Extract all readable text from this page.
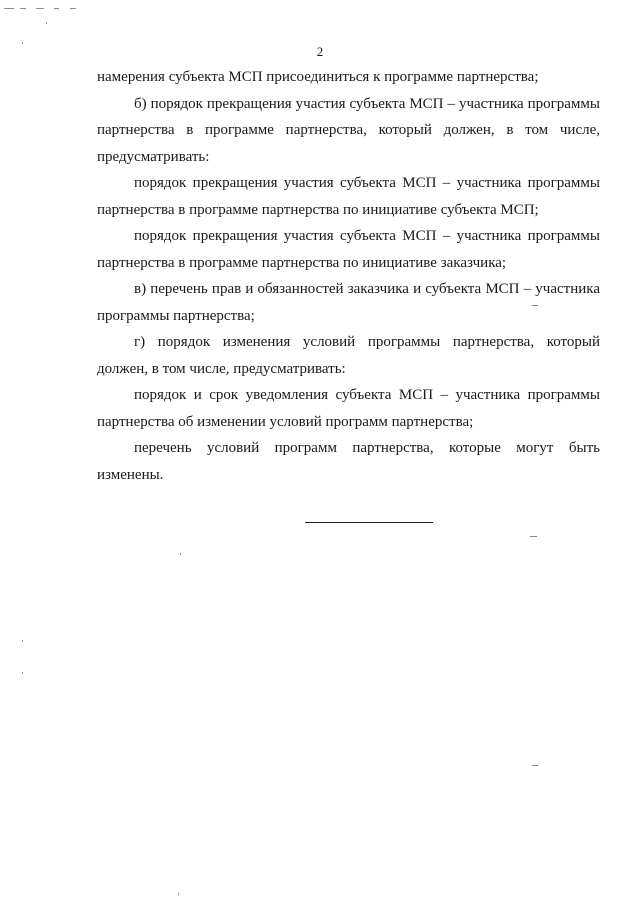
2

намерения субъекта МСП присоединиться к программе партнерства;

б) порядок прекращения участия субъекта МСП – участника программы партнерства в программе партнерства, который должен, в том числе, предусматривать:

порядок прекращения участия субъекта МСП – участника программы партнерства в программе партнерства по инициативе субъекта МСП;

порядок прекращения участия субъекта МСП – участника программы партнерства в программе партнерства по инициативе заказчика;

в) перечень прав и обязанностей заказчика и субъекта МСП – участника программы партнерства;

г) порядок изменения условий программы партнерства, который должен, в том числе, предусматривать:

порядок и срок уведомления субъекта МСП – участника программы партнерства об изменении условий программ партнерства;

перечень условий программ партнерства, которые могут быть изменены.
